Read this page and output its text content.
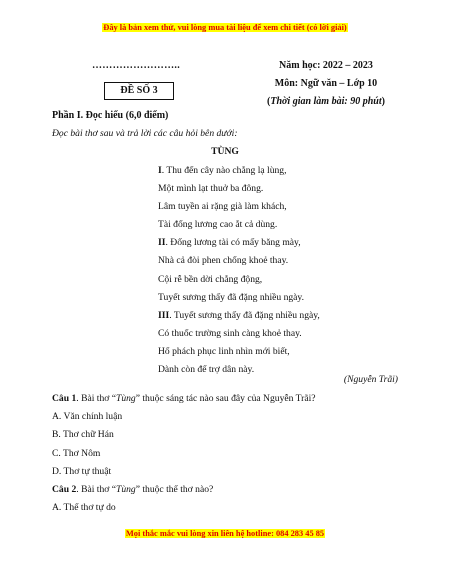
Đây là bản xem thử, vui lòng mua tài liệu để xem chi tiết (có lời giải)
……………………..
ĐỀ SỐ 3
Năm học: 2022 – 2023
Môn: Ngữ văn – Lớp 10
(Thời gian làm bài: 90 phút)
Phần I. Đọc hiểu (6,0 điểm)
Đọc bài thơ sau và trả lời các câu hỏi bên dưới:
TÙNG
I. Thu đến cây nào chẳng lạ lùng,
Một mình lạt thuở ba đông.
Lâm tuyền ai rặng già làm khách,
Tài đống lương cao ắt cả dùng.
II. Đống lương tài có mấy băng mày,
Nhà cả đòi phen chống khoẻ thay.
Cội rễ bền dời chẳng động,
Tuyết sương thấy đã đặng nhiều ngày.
III. Tuyết sương thấy đã đặng nhiều ngày,
Có thuốc trường sinh càng khoẻ thay.
Hổ phách phục linh nhìn mới biết,
Dành còn để trợ dân này.
(Nguyễn Trãi)
Câu 1. Bài thơ “Tùng” thuộc sáng tác nào sau đây của Nguyễn Trãi?
A. Văn chính luận
B. Thơ chữ Hán
C. Thơ Nôm
D. Thơ tự thuật
Câu 2. Bài thơ “Tùng” thuộc thể thơ nào?
A. Thể thơ tự do
Mọi thắc mắc vui lòng xin liên hệ hotline: 084 283 45 85
